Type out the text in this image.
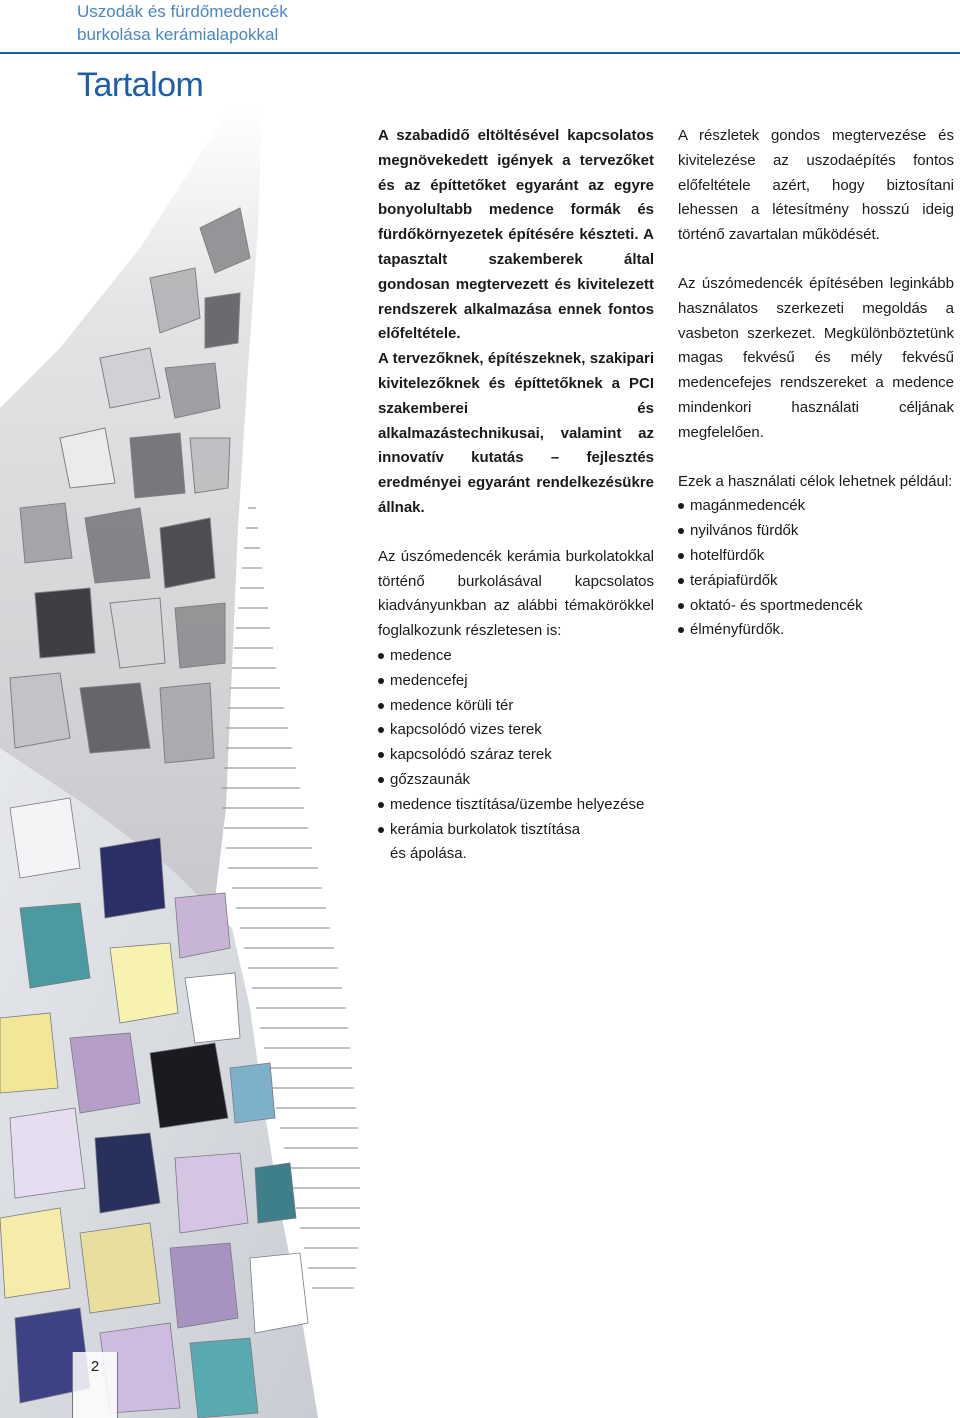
Uszodák és fürdőmedencék
burkolása kerámialapokkal
Tartalom

A szabadidő eltöltésével kapcsolatos megnövekedett igények a tervezőket és az építtetőket egyaránt az egyre bonyolultabb medence formák és fürdőkörnyezetek építésére készteti. A tapasztalt szakemberek által gondosan megtervezett és kivitelezett rendszerek alkalmazása ennek fontos előfeltétele.

A tervezőknek, építészeknek, szakipari kivitelezőknek és építtetőknek a PCI szakemberei és alkalmazástechnikusai, valamint az innovatív kutatás – fejlesztés eredményei egyaránt rendelkezésükre állnak.

Az úszómedencék kerámia burkolatokkal történő burkolásával kapcsolatos kiadványunkban az alábbi témakörökkel foglalkozunk részletesen is:

medence
medencefej
medence körüli tér
kapcsolódó vizes terek
kapcsolódó száraz terek
gőzszaunák
medence tisztítása/üzembe helyezése
kerámia burkolatok tisztítása
és ápolása.

A részletek gondos megtervezése és kivitelezése az uszodaépítés fontos előfeltétele azért, hogy biztosítani lehessen a létesítmény hosszú ideig történő zavartalan működését.

Az úszómedencék építésében leginkább használatos szerkezeti megoldás a vasbeton szerkezet. Megkülönböztetünk magas fekvésű és mély fekvésű medencefejes rendszereket a medence mindenkori használati céljának megfelelően.

Ezek a használati célok lehetnek például:

magánmedencék
nyilvános fürdők
hotelfürdők
terápiafürdők
oktató- és sportmedencék
élményfürdők.
2
